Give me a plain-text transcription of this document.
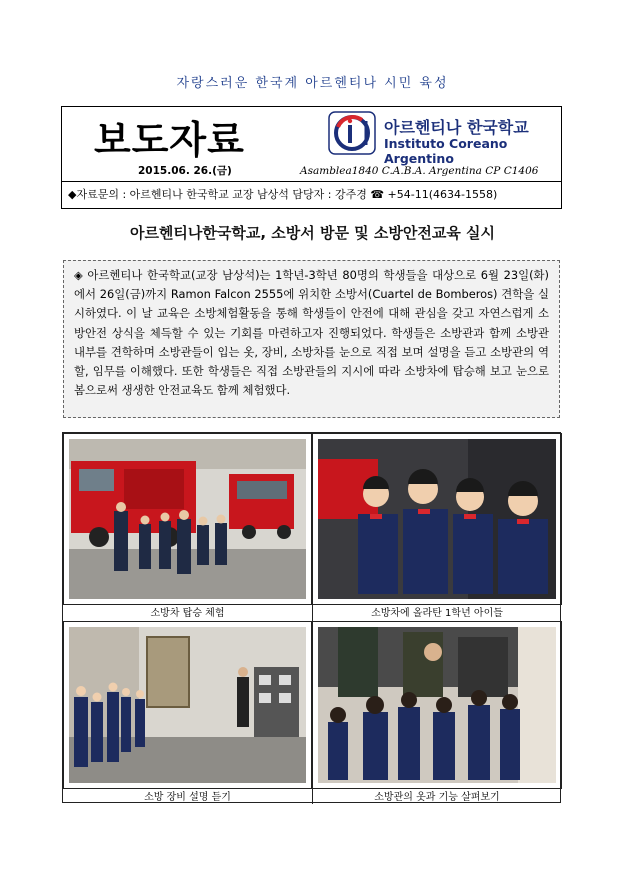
자랑스러운 한국계 아르헨티나 시민 육성
보도자료
2015.06. 26.(금)
아르헨티나 한국학교
Instituto Coreano Argentino
Asamblea1840 C.A.B.A. Argentina CP C1406
◆자료문의 : 아르헨티나 한국학교 교장 남상석 담당자 : 강주경 ☎ +54-11(4634-1558)
아르헨티나한국학교, 소방서 방문 및 소방안전교육 실시
◈ 아르헨티나 한국학교(교장 남상석)는 1학년-3학년 80명의 학생들을 대상으로 6월 23일(화)에서 26일(금)까지 Ramon Falcon 2555에 위치한 소방서(Cuartel de Bomberos) 견학을 실시하였다. 이 날 교육은 소방체험활동을 통해 학생들이 안전에 대해 관심을 갖고 자연스럽게 소방안전 상식을 체득할 수 있는 기회를 마련하고자 진행되었다. 학생들은 소방관과 함께 소방관 내부를 견학하며 소방관들이 입는 옷, 장비, 소방차를 눈으로 직접 보며 설명을 듣고 소방관의 역할, 임무를 이해했다. 또한 학생들은 직접 소방관들의 지시에 따라 소방차에 탑승해 보고 눈으로 봄으로써 생생한 안전교육도 함께 체험했다.
소방차 탑승 체험	소방차에 올라탄 1학년 아이들
소방 장비 설명 듣기	소방관의 옷과 기능 살펴보기
